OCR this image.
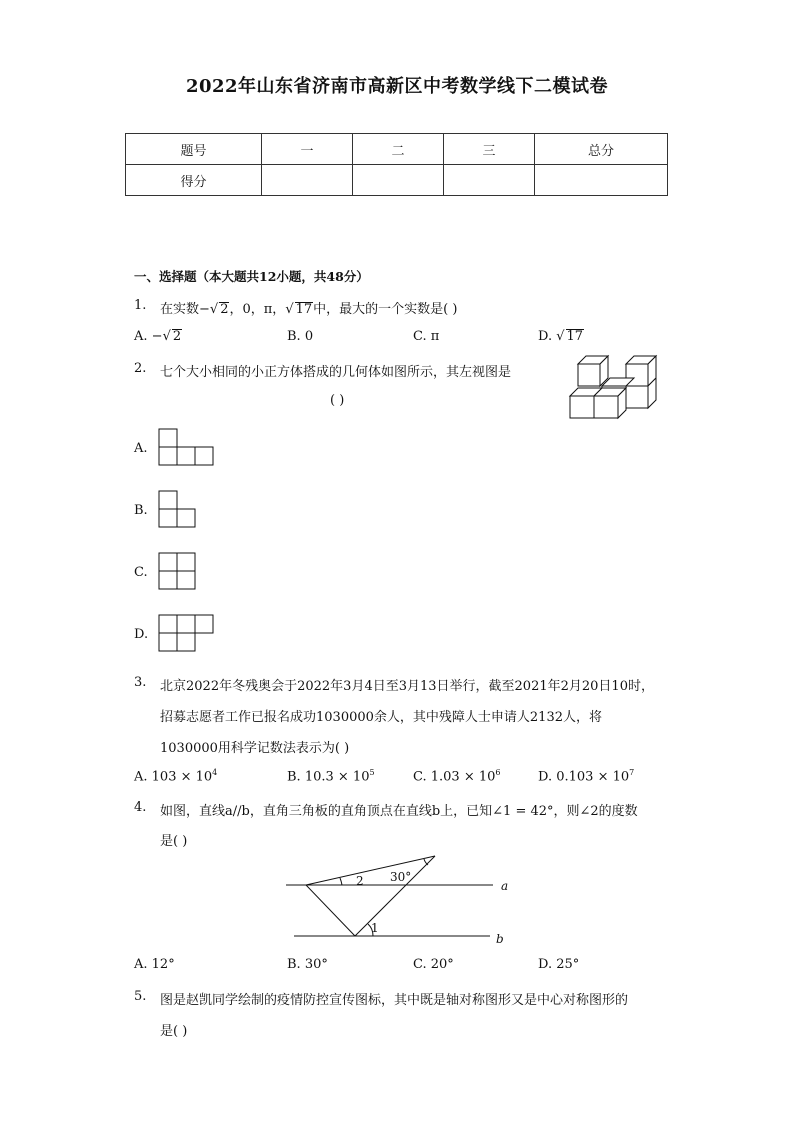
2022年山东省济南市高新区中考数学线下二模试卷
题号	一	二	三	总分
得分				
一、选择题（本大题共12小题，共48分）
1. 在实数−√ 2，0，π，√ 17中，最大的一个实数是( )
A. −√ 2	B. 0	C. π	D. √ 17
2. 七个大小相同的小正方体搭成的几何体如图所示，其左视图是
( )
A.
B.
C.
D.
3. 北京2022年冬残奥会于2022年3月4日至3月13日举行，截至2021年2月20日10时，
招募志愿者工作已报名成功1030000余人，其中残障人士申请人2132人，将
1030000用科学记数法表示为( )
A. $103 \times 10^4$	B. $10.3 \times 10^5$	C. $1.03 \times 10^6$	D. $0.103 \times 10^7$
4. 如图，直线a//b，直角三角板的直角顶点在直线b上，已知∠1 = 42°，则∠2的度数
是( )
2 30°
1
a
b
A. 12°	B. 30°	C. 20°	D. 25°
5. 图是赵凯同学绘制的疫情防控宣传图标，其中既是轴对称图形又是中心对称图形的
是( )
